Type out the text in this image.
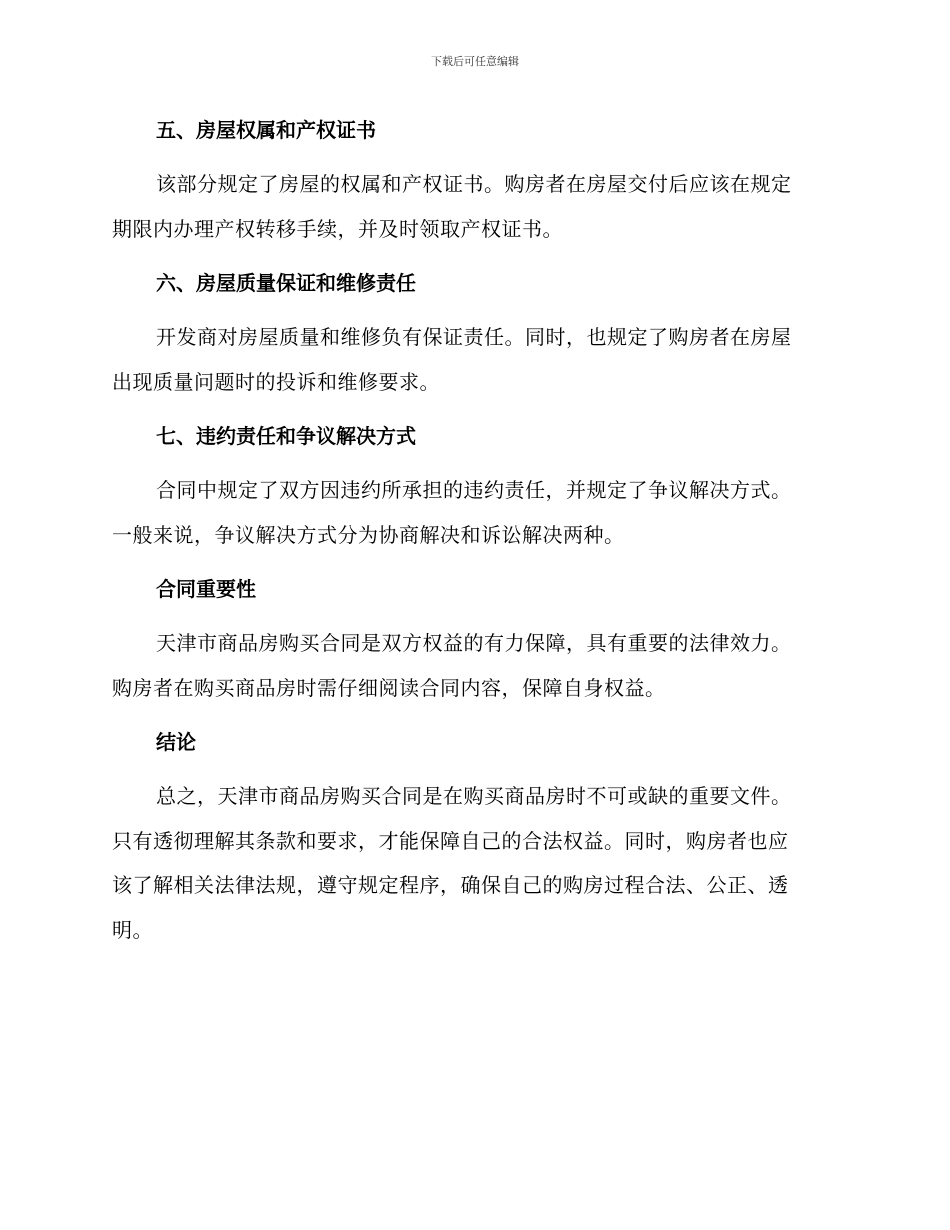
下载后可任意编辑
五、房屋权属和产权证书

该部分规定了房屋的权属和产权证书。购房者在房屋交付后应该在规定
期限内办理产权转移手续，并及时领取产权证书。

六、房屋质量保证和维修责任

开发商对房屋质量和维修负有保证责任。同时，也规定了购房者在房屋
出现质量问题时的投诉和维修要求。

七、违约责任和争议解决方式

合同中规定了双方因违约所承担的违约责任，并规定了争议解决方式。
一般来说，争议解决方式分为协商解决和诉讼解决两种。

合同重要性

天津市商品房购买合同是双方权益的有力保障，具有重要的法律效力。
购房者在购买商品房时需仔细阅读合同内容，保障自身权益。

结论

总之，天津市商品房购买合同是在购买商品房时不可或缺的重要文件。
只有透彻理解其条款和要求，才能保障自己的合法权益。同时，购房者也应
该了解相关法律法规，遵守规定程序，确保自己的购房过程合法、公正、透
明。
